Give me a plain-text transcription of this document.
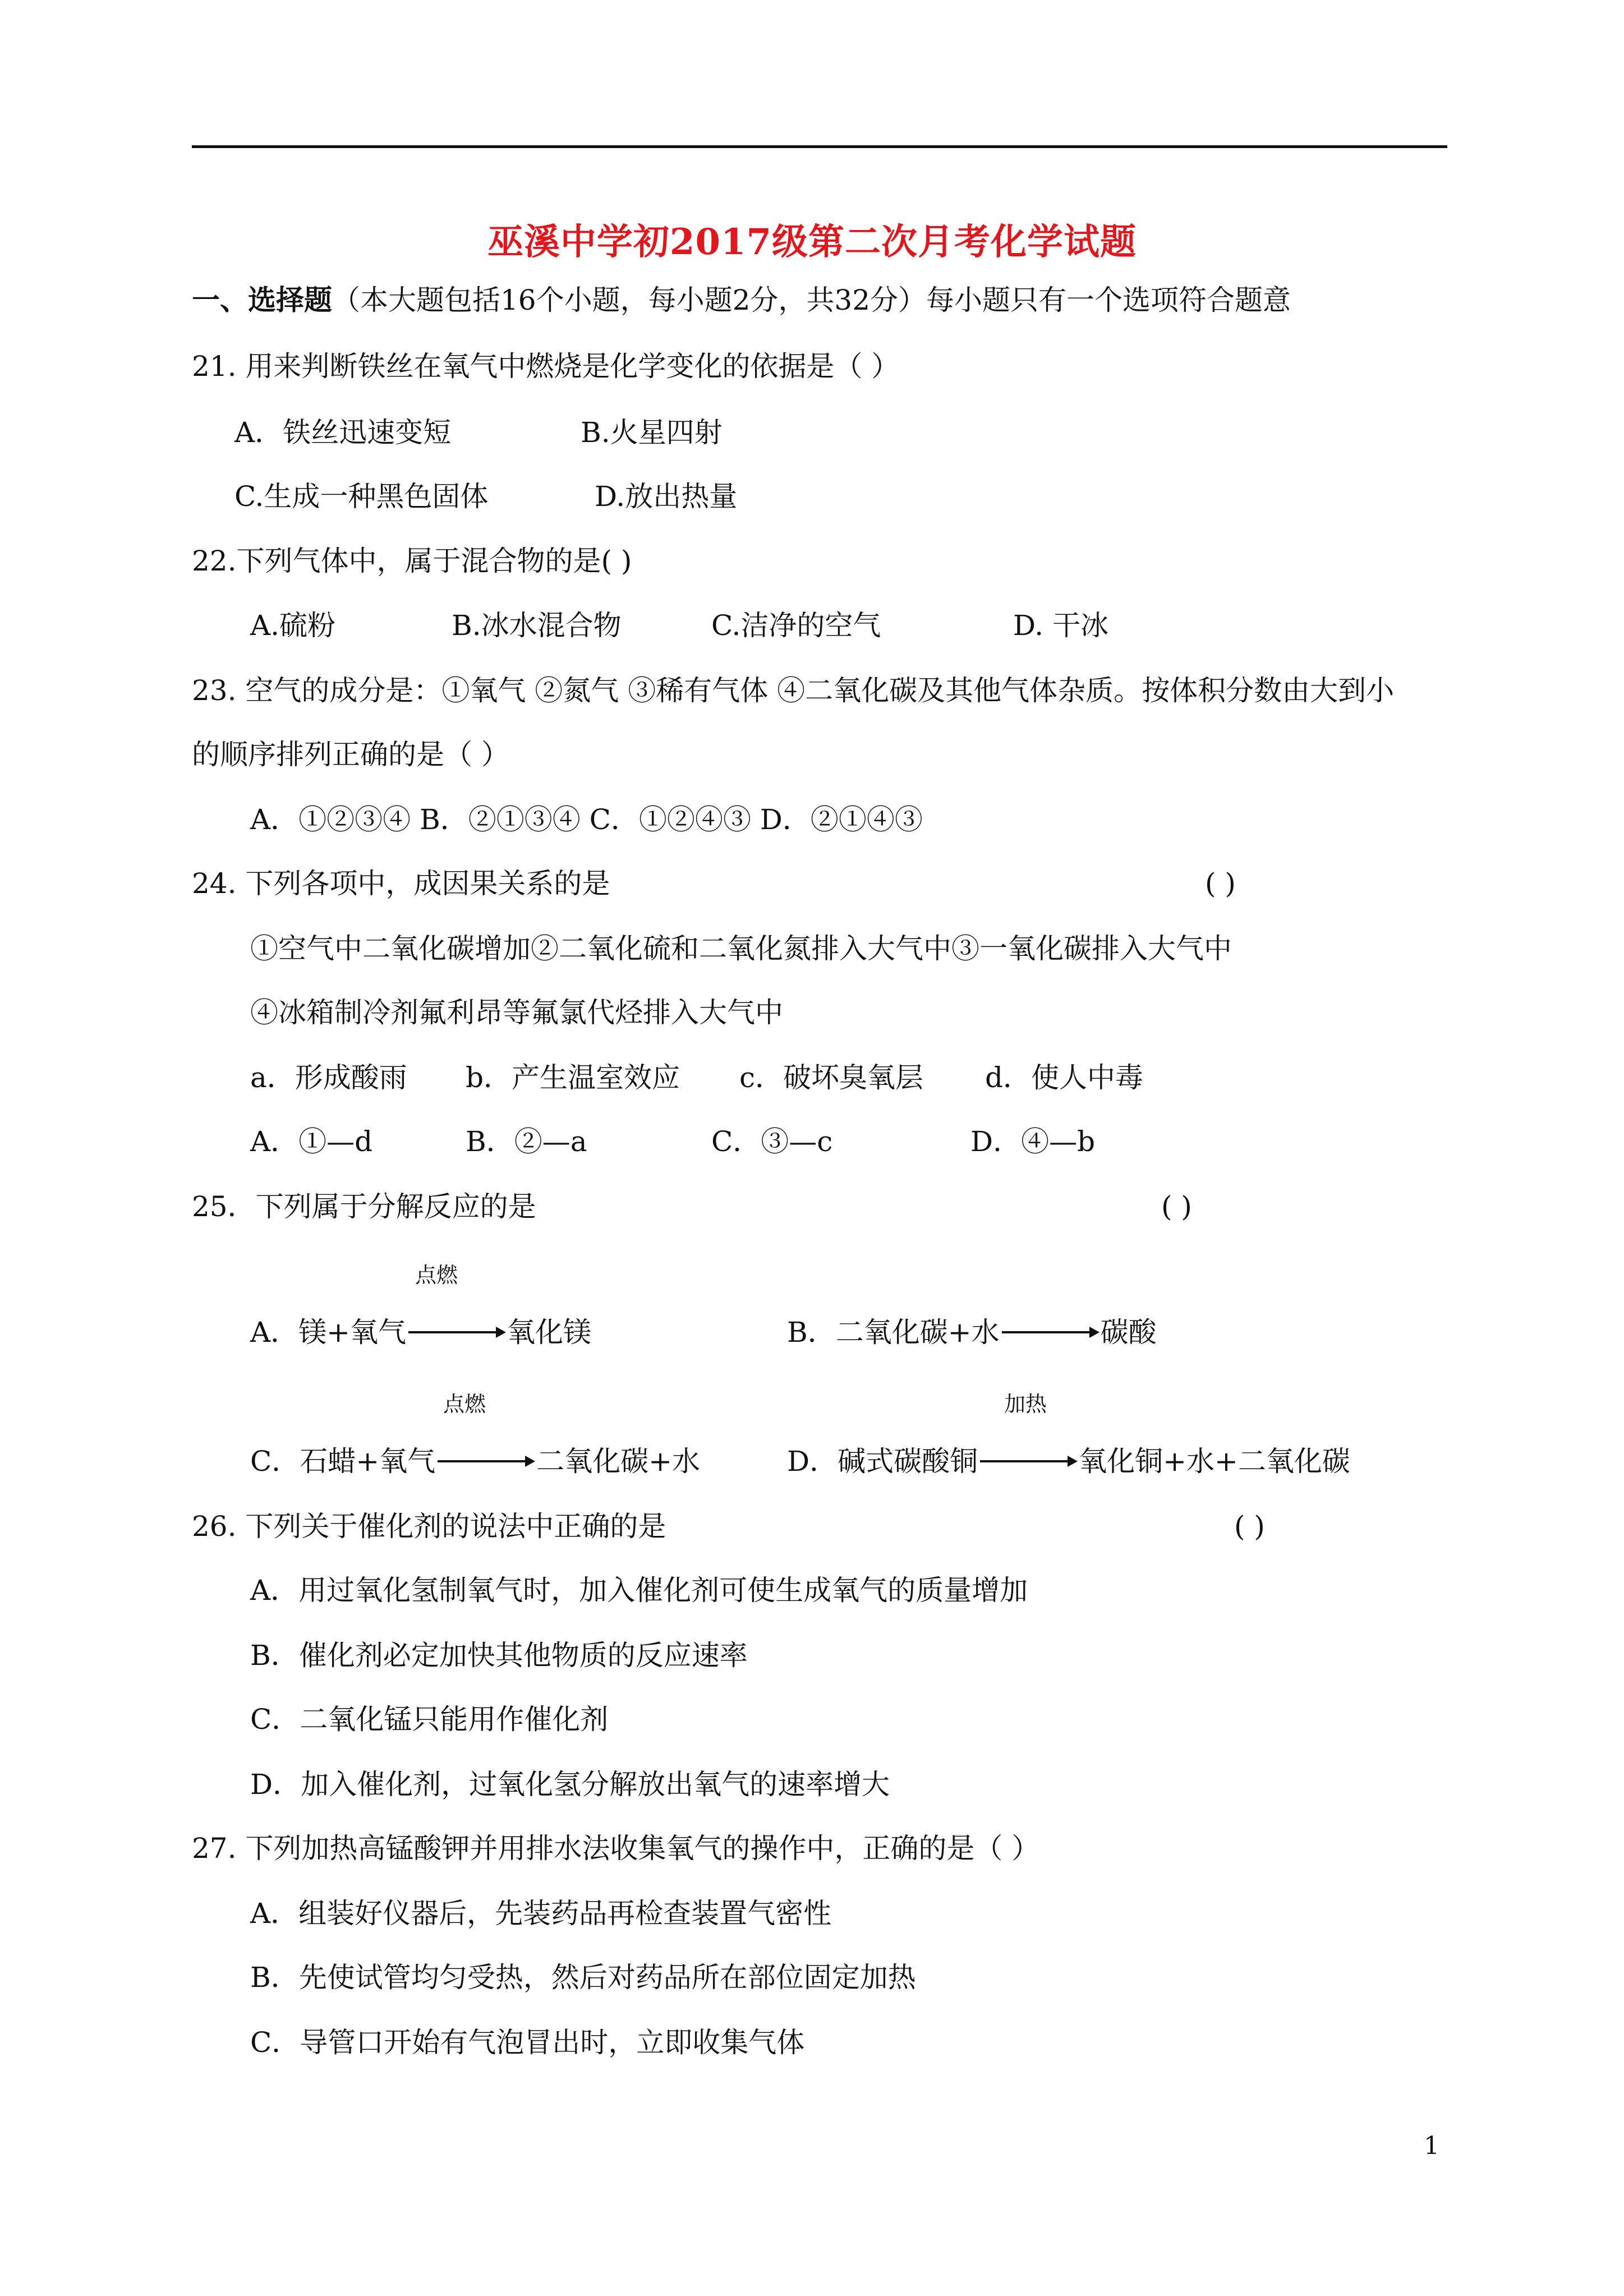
巫溪中学初2017级第二次月考化学试题
一、选择题（本大题包括16个小题，每小题2分，共32分）每小题只有一个选项符合题意
21. 用来判断铁丝在氧气中燃烧是化学变化的依据是（ ）
A．铁丝迅速变短	B.火星四射
C.生成一种黑色固体	D.放出热量
22.下列气体中，属于混合物的是( )
A.硫粉	B.冰水混合物	C.洁净的空气	D. 干冰
23. 空气的成分是：①氧气 ②氮气 ③稀有气体 ④二氧化碳及其他气体杂质。按体积分数由大到小
的顺序排列正确的是（ ）
A．①②③④ B．②①③④ C．①②④③ D．②①④③
24. 下列各项中，成因果关系的是	( )
①空气中二氧化碳增加②二氧化硫和二氧化氮排入大气中③一氧化碳排入大气中
④冰箱制冷剂氟利昂等氟氯代烃排入大气中
a．形成酸雨 b．产生温室效应 c．破坏臭氧层 d．使人中毒
A．①—d	B．②—a	C．③—c	D．④—b
25．下列属于分解反应的是	( )
点燃
A．镁+氧气→氧化镁	B．二氧化碳+水→碳酸
点燃	加热
C．石蜡+氧气→二氧化碳+水	D．碱式碳酸铜→氧化铜+水+二氧化碳
26. 下列关于催化剂的说法中正确的是	( )
A．用过氧化氢制氧气时，加入催化剂可使生成氧气的质量增加
B．催化剂必定加快其他物质的反应速率
C．二氧化锰只能用作催化剂
D．加入催化剂，过氧化氢分解放出氧气的速率增大
27. 下列加热高锰酸钾并用排水法收集氧气的操作中，正确的是（ ）
A．组装好仪器后，先装药品再检查装置气密性
B．先使试管均匀受热，然后对药品所在部位固定加热
C．导管口开始有气泡冒出时，立即收集气体
1
